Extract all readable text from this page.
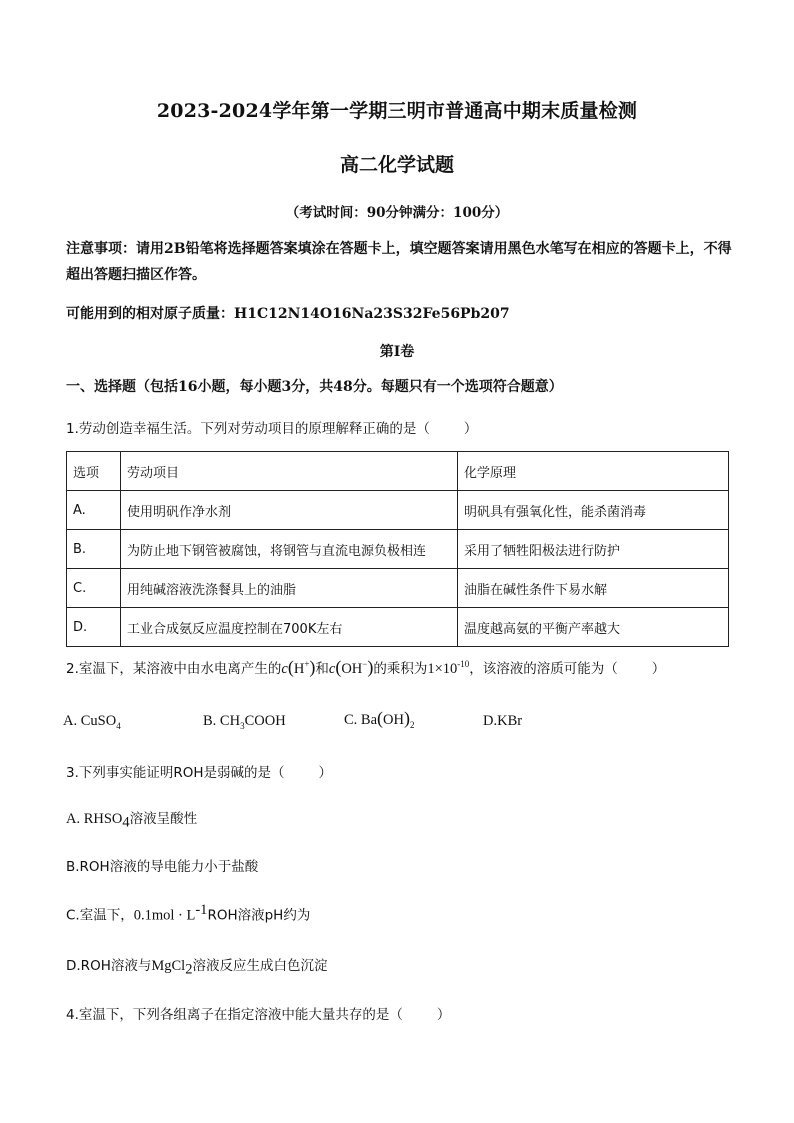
2023-2024学年第一学期三明市普通高中期末质量检测
高二化学试题
（考试时间：90分钟满分：100分）
注意事项：请用2B铅笔将选择题答案填涂在答题卡上，填空题答案请用黑色水笔写在相应的答题卡上，不得超出答题扫描区作答。
可能用到的相对原子质量：H1C12N14O16Na23S32Fe56Pb207
第Ⅰ卷
一、选择题（包括16小题，每小题3分，共48分。每题只有一个选项符合题意）
1.劳动创造幸福生活。下列对劳动项目的原理解释正确的是（	）
选项	劳动项目	化学原理
A.	使用明矾作净水剂	明矾具有强氧化性，能杀菌消毒
B.	为防止地下钢管被腐蚀，将钢管与直流电源负极相连	采用了牺牲阳极法进行防护
C.	用纯碱溶液洗涤餐具上的油脂	油脂在碱性条件下易水解
D.	工业合成氨反应温度控制在700K左右	温度越高氨的平衡产率越大
2.室温下，某溶液中由水电离产生的c(H+)和c(OH−)的乘积为$1\times 10^{-10}$，该溶液的溶质可能为（	）
A. CuSO$_4$	B. $CH_3COOH$	C. $Ba(OH)_2$	D.KBr
3.下列事实能证明ROH是弱碱的是（	）
A. $RHSO_4$溶液呈酸性
B.ROH溶液的导电能力小于盐酸
C.室温下，$0.1mol \cdot L^{-1}ROH$溶液pH约为
D.ROH溶液与MgCl$_2$溶液反应生成白色沉淀
4.室温下，下列各组离子在指定溶液中能大量共存的是（	）
